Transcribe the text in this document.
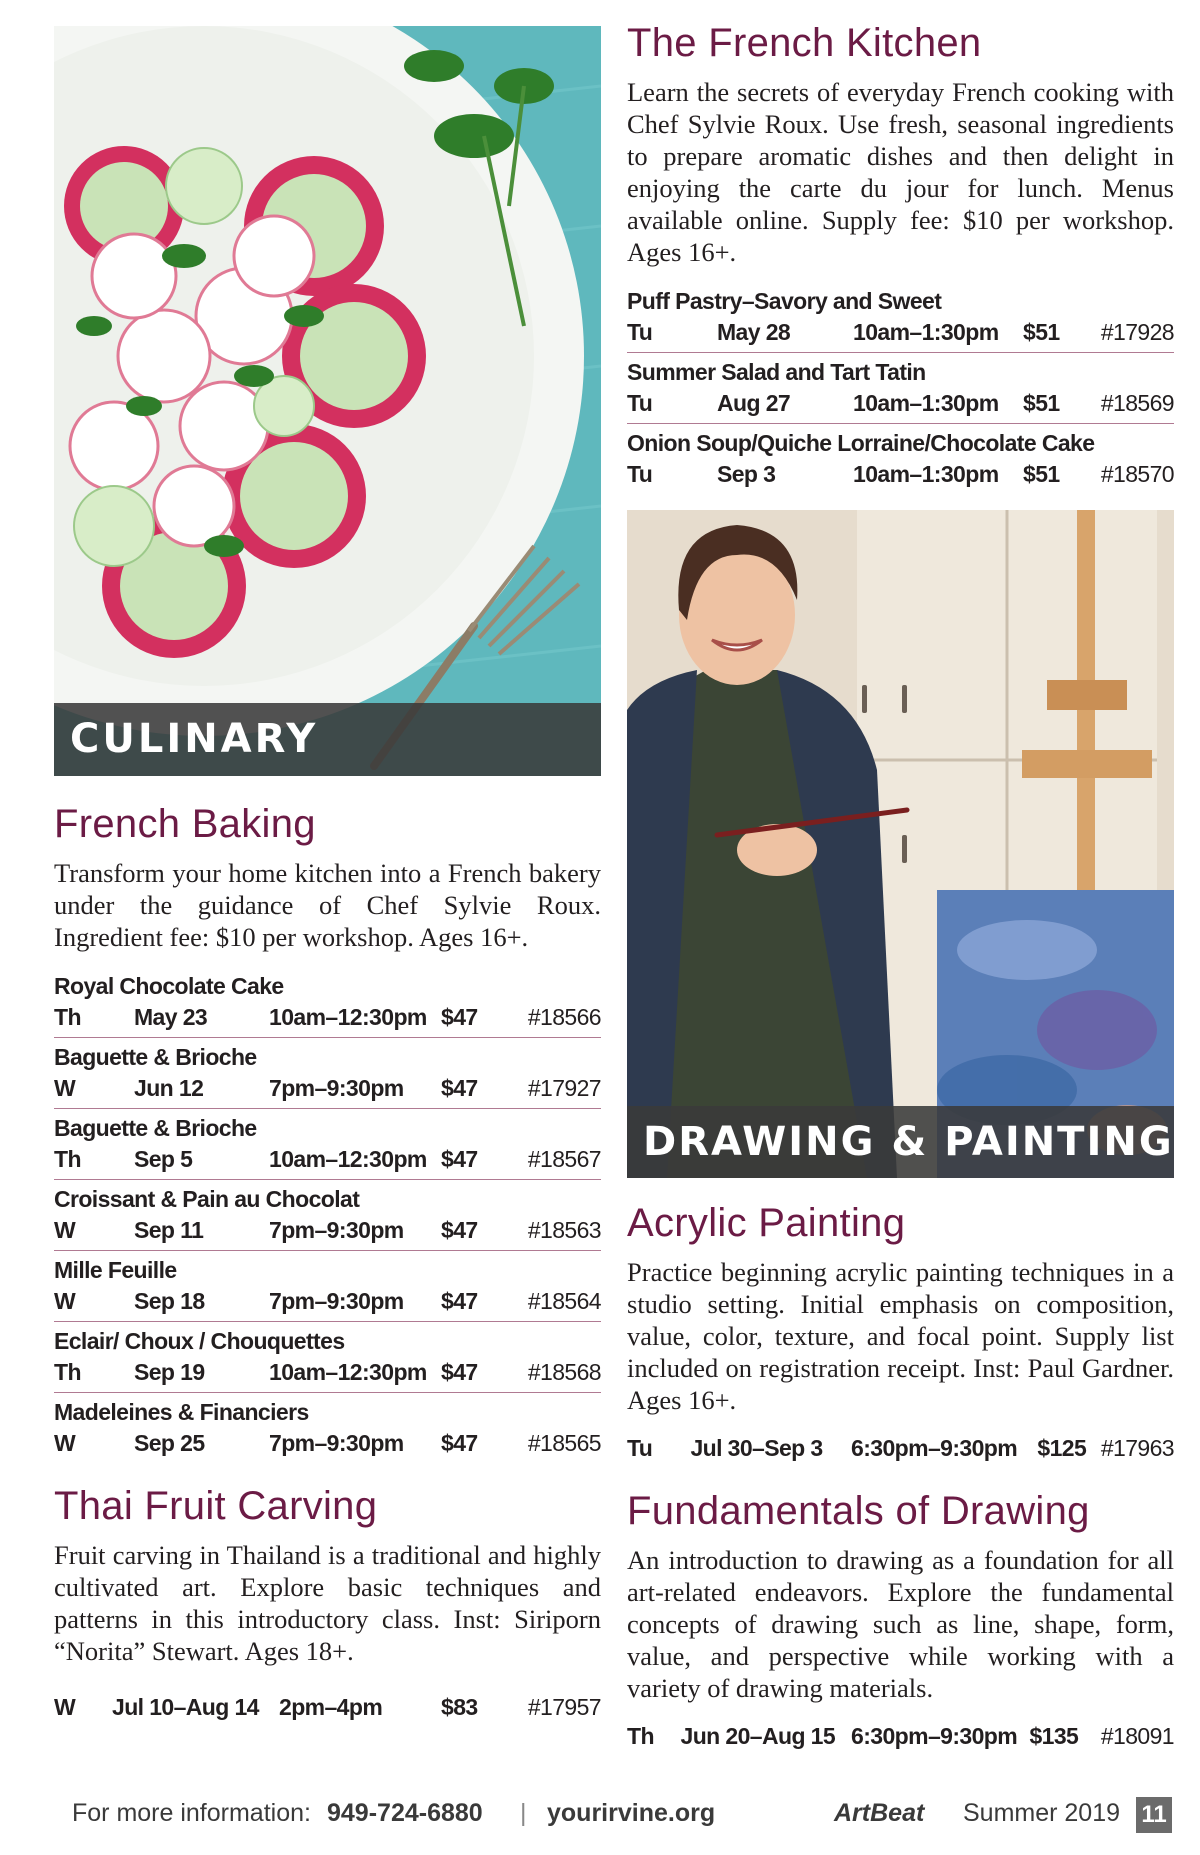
CULINARY
French Baking

Transform your home kitchen into a French bakery under the guidance of Chef Sylvie Roux. Ingredient fee: $10 per workshop. Ages 16+.

Royal Chocolate Cake
Th	May 23	10am–12:30pm $47	#18566
Baguette & Brioche
W	Jun 12	7pm–9:30pm	$47	#17927
Baguette & Brioche
Th	Sep 5	10am–12:30pm $47	#18567
Croissant & Pain au Chocolat
W	Sep 11	7pm–9:30pm	$47	#18563
Mille Feuille
W	Sep 18	7pm–9:30pm	$47	#18564
Eclair/ Choux / Chouquettes
Th	Sep 19	10am–12:30pm $47	#18568
Madeleines & Financiers
W	Sep 25	7pm–9:30pm	$47	#18565
Thai Fruit Carving

Fruit carving in Thailand is a traditional and highly cultivated art. Explore basic techniques and patterns in this introductory class. Inst: Siriporn “Norita” Stewart. Ages 18+.

W	Jul 10–Aug 14 2pm–4pm	$83	#17957
The French Kitchen

Learn the secrets of everyday French cooking with Chef Sylvie Roux. Use fresh, seasonal ingredients to prepare aromatic dishes and then delight in enjoying the carte du jour for lunch. Menus available online. Supply fee: $10 per workshop. Ages 16+.

Puff Pastry–Savory and Sweet
Tu	May 28	10am–1:30pm	$51	#17928
Summer Salad and Tart Tatin
Tu	Aug 27	10am–1:30pm	$51	#18569
Onion Soup/Quiche Lorraine/Chocolate Cake
Tu	Sep 3	10am–1:30pm	$51	#18570
DRAWING & PAINTING
Acrylic Painting

Practice beginning acrylic painting techniques in a studio setting. Initial emphasis on composition, value, color, texture, and focal point. Supply list included on registration receipt. Inst: Paul Gardner. Ages 16+.

Tu	Jul 30–Sep 3	6:30pm–9:30pm $125 #17963
Fundamentals of Drawing

An introduction to drawing as a foundation for all art-related endeavors. Explore the fundamental concepts of drawing such as line, shape, form, value, and perspective while working with a variety of drawing materials.

Th	Jun 20–Aug 15 6:30pm–9:30pm $135 #18091
For more information: 949-724-6880 | yourirvine.org	ArtBeat Summer 2019 11
